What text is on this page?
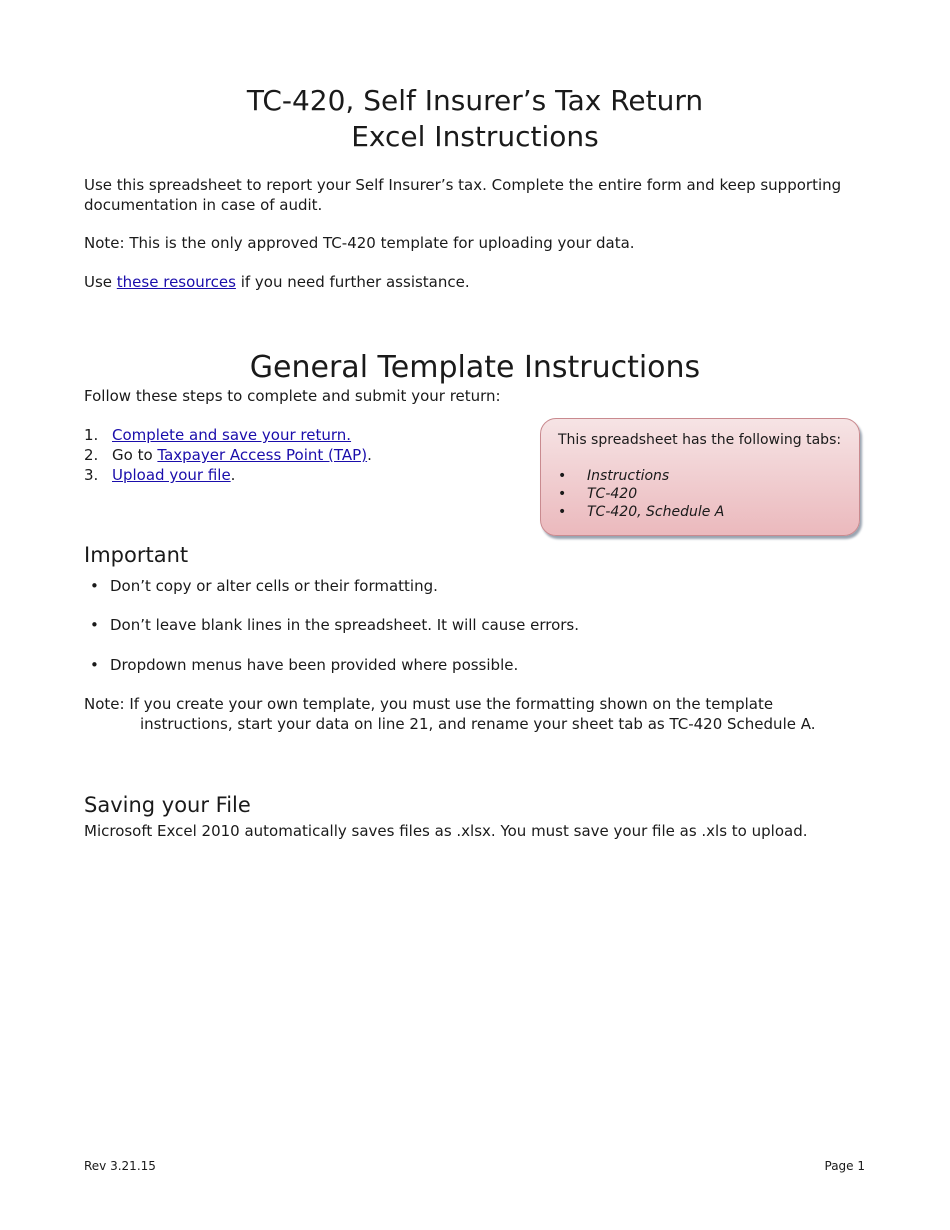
TC-420, Self Insurer’s Tax Return
Excel Instructions
Use this spreadsheet to report your Self Insurer’s tax. Complete the entire form and keep supporting documentation in case of audit.
Note: This is the only approved TC-420 template for uploading your data.
Use these resources if you need further assistance.
General Template Instructions
Follow these steps to complete and submit your return:
1. Complete and save your return.
2. Go to Taxpayer Access Point (TAP).
3. Upload your file.
This spreadsheet has the following tabs:
•	Instructions
•	TC-420
•	TC-420, Schedule A
Important
• Don’t copy or alter cells or their formatting.
• Don’t leave blank lines in the spreadsheet. It will cause errors.
• Dropdown menus have been provided where possible.
Note: If you create your own template, you must use the formatting shown on the template
instructions, start your data on line 21, and rename your sheet tab as TC-420 Schedule A.
Saving your File
Microsoft Excel 2010 automatically saves files as .xlsx. You must save your file as .xls to upload.
Rev 3.21.15	Page 1
